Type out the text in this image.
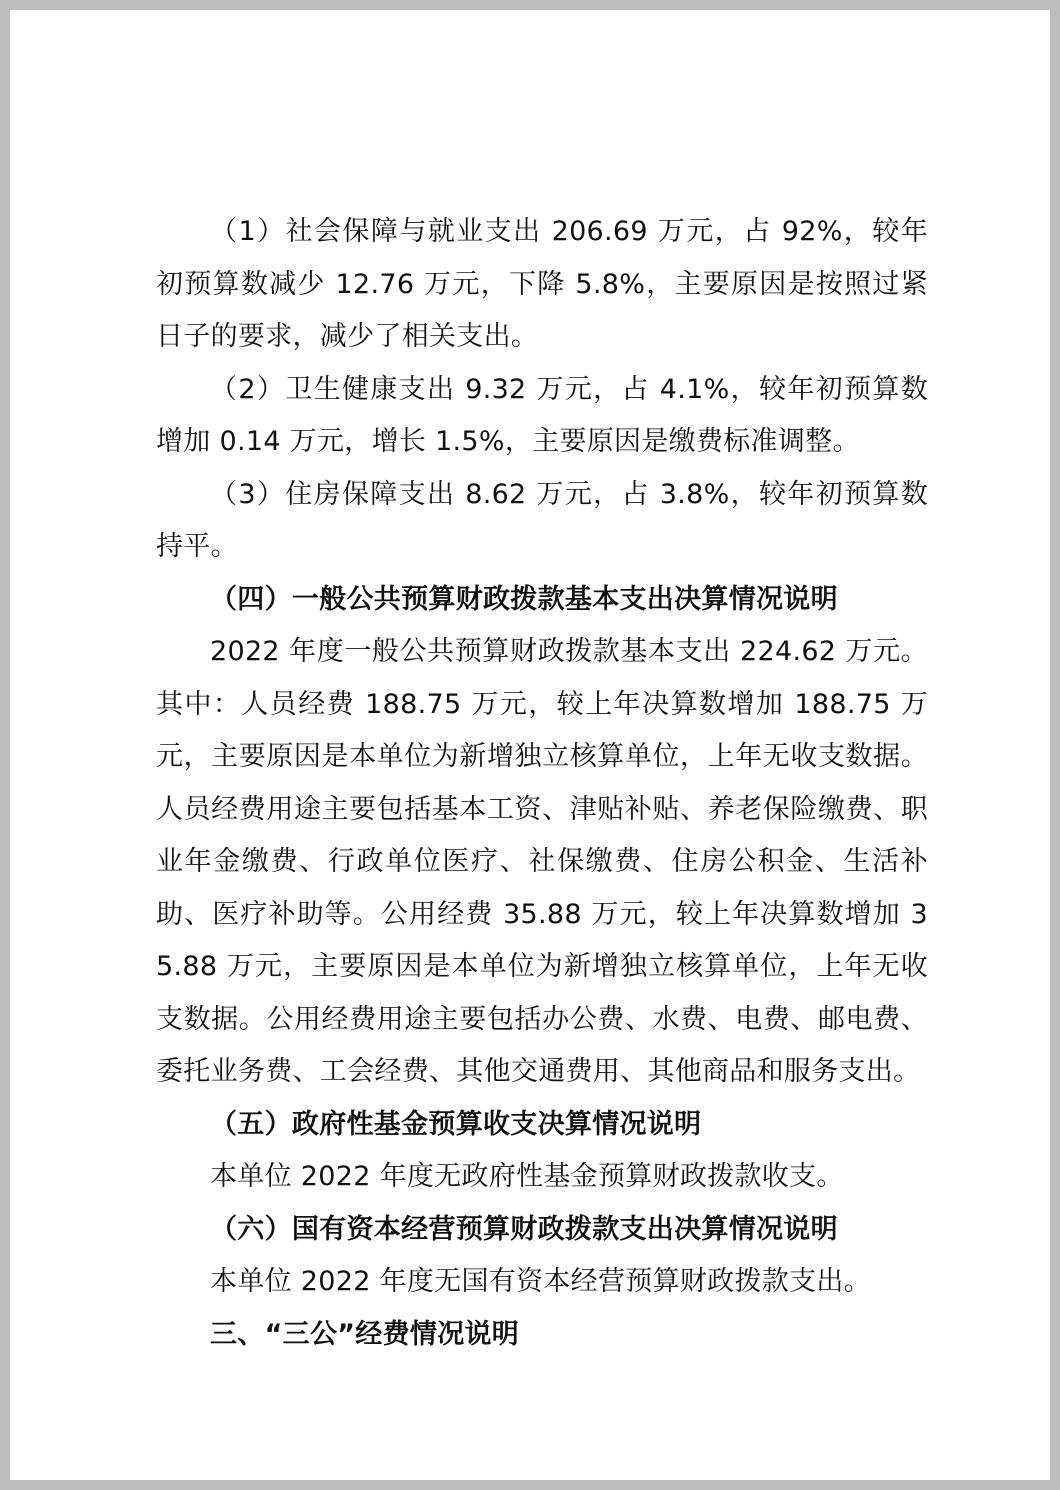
（1）社会保障与就业支出 206.69 万元，占 92%，较年初预算数减少 12.76 万元，下降 5.8%，主要原因是按照过紧日子的要求，减少了相关支出。

（2）卫生健康支出 9.32 万元，占 4.1%，较年初预算数增加 0.14 万元，增长 1.5%，主要原因是缴费标准调整。

（3）住房保障支出 8.62 万元，占 3.8%，较年初预算数持平。

（四）一般公共预算财政拨款基本支出决算情况说明

2022 年度一般公共预算财政拨款基本支出 224.62 万元。其中：人员经费 188.75 万元，较上年决算数增加 188.75 万元，主要原因是本单位为新增独立核算单位，上年无收支数据。人员经费用途主要包括基本工资、津贴补贴、养老保险缴费、职业年金缴费、行政单位医疗、社保缴费、住房公积金、生活补助、医疗补助等。公用经费 35.88 万元，较上年决算数增加 35.88 万元，主要原因是本单位为新增独立核算单位，上年无收支数据。公用经费用途主要包括办公费、水费、电费、邮电费、委托业务费、工会经费、其他交通费用、其他商品和服务支出。

（五）政府性基金预算收支决算情况说明

本单位 2022 年度无政府性基金预算财政拨款收支。

（六）国有资本经营预算财政拨款支出决算情况说明

本单位 2022 年度无国有资本经营预算财政拨款支出。

三、“三公”经费情况说明
